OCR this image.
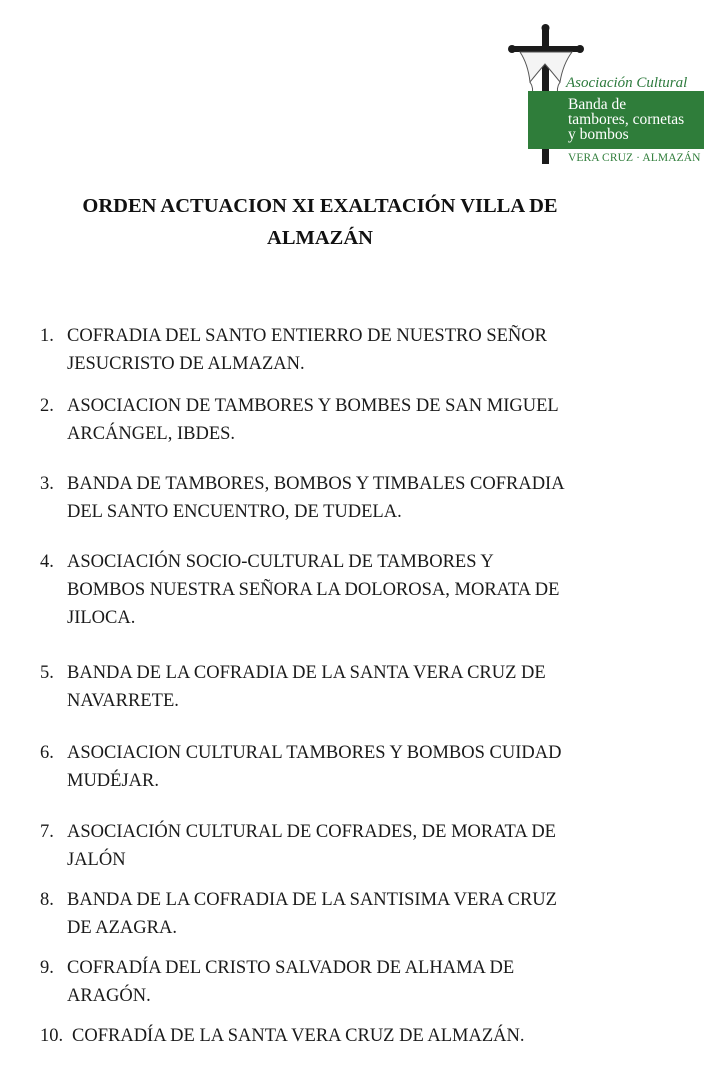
Asociación Cultural
Banda de
tambores, cornetas
y bombos
VERA CRUZ · ALMAZÁN
ORDEN ACTUACION XI EXALTACIÓN VILLA DE
ALMAZÁN
1. COFRADIA DEL SANTO ENTIERRO DE NUESTRO SEÑOR
JESUCRISTO DE ALMAZAN.
2. ASOCIACION DE TAMBORES Y BOMBES DE SAN MIGUEL
ARCÁNGEL, IBDES.
3. BANDA DE TAMBORES, BOMBOS Y TIMBALES COFRADIA
DEL SANTO ENCUENTRO, DE TUDELA.
4. ASOCIACIÓN SOCIO-CULTURAL DE TAMBORES Y
BOMBOS NUESTRA SEÑORA LA DOLOROSA, MORATA DE
JILOCA.
5. BANDA DE LA COFRADIA DE LA SANTA VERA CRUZ DE
NAVARRETE.
6. ASOCIACION CULTURAL TAMBORES Y BOMBOS CUIDAD
MUDÉJAR.
7. ASOCIACIÓN CULTURAL DE COFRADES, DE MORATA DE
JALÓN
8. BANDA DE LA COFRADIA DE LA SANTISIMA VERA CRUZ
DE AZAGRA.
9. COFRADÍA DEL CRISTO SALVADOR DE ALHAMA DE
ARAGÓN.
10. COFRADÍA DE LA SANTA VERA CRUZ DE ALMAZÁN.
